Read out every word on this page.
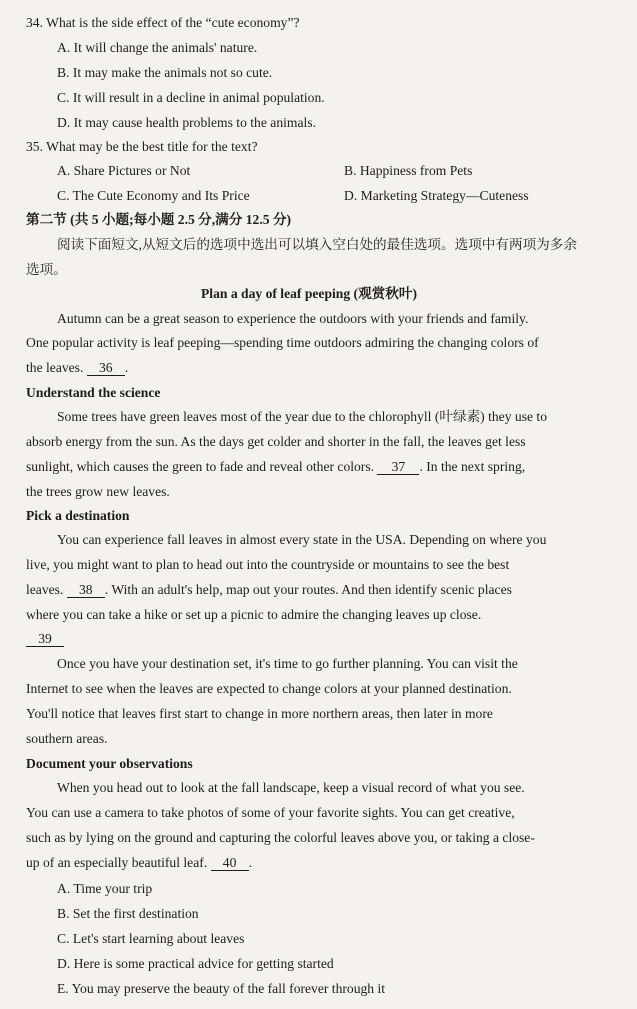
34. What is the side effect of the “cute economy”?
A. It will change the animals' nature.
B. It may make the animals not so cute.
C. It will result in a decline in animal population.
D. It may cause health problems to the animals.
35. What may be the best title for the text?
A. Share Pictures or Not	B. Happiness from Pets
C. The Cute Economy and Its Price	D. Marketing Strategy—Cuteness
第二节 (共 5 小题;每小题 2.5 分,满分 12.5 分)
阅读下面短文,从短文后的选项中选出可以填入空白处的最佳选项。选项中有两项为多余
选项。
Plan a day of leaf peeping (观赏秋叶)
Autumn can be a great season to experience the outdoors with your friends and family.
One popular activity is leaf peeping—spending time outdoors admiring the changing colors of
the leaves. 36 .
Understand the science
Some trees have green leaves most of the year due to the chlorophyll (叶绿素) they use to
absorb energy from the sun. As the days get colder and shorter in the fall, the leaves get less
sunlight, which causes the green to fade and reveal other colors. 37 . In the next spring,
the trees grow new leaves.
Pick a destination
You can experience fall leaves in almost every state in the USA. Depending on where you
live, you might want to plan to head out into the countryside or mountains to see the best
leaves. 38 . With an adult's help, map out your routes. And then identify scenic places
where you can take a hike or set up a picnic to admire the changing leaves up close.
39
Once you have your destination set, it's time to go further planning. You can visit the
Internet to see when the leaves are expected to change colors at your planned destination.
You'll notice that leaves first start to change in more northern areas, then later in more
southern areas.
Document your observations
When you head out to look at the fall landscape, keep a visual record of what you see.
You can use a camera to take photos of some of your favorite sights. You can get creative,
such as by lying on the ground and capturing the colorful leaves above you, or taking a close-
up of an especially beautiful leaf. 40 .
A. Time your trip
B. Set the first destination
C. Let's start learning about leaves
D. Here is some practical advice for getting started
E. You may preserve the beauty of the fall forever through it
